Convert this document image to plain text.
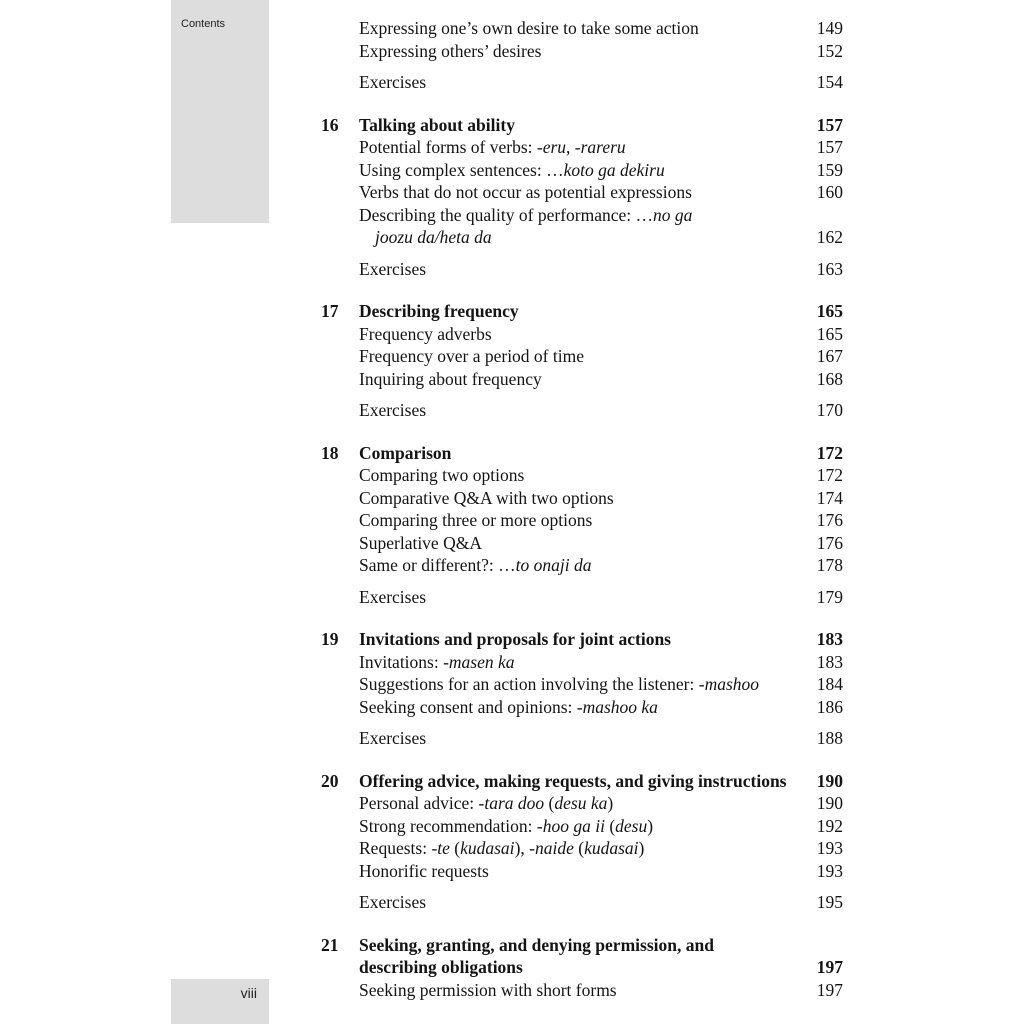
Contents
viii
Expressing one’s own desire to take some action	149
Expressing others’ desires	152
Exercises	154
16 Talking about ability	157
Potential forms of verbs: -eru, -rareru	157
Using complex sentences: …koto ga dekiru	159
Verbs that do not occur as potential expressions	160
Describing the quality of performance: …no ga
joozu da/heta da	162
Exercises	163
17 Describing frequency	165
Frequency adverbs	165
Frequency over a period of time	167
Inquiring about frequency	168
Exercises	170
18 Comparison	172
Comparing two options	172
Comparative Q&A with two options	174
Comparing three or more options	176
Superlative Q&A	176
Same or different?: …to onaji da	178
Exercises	179
19 Invitations and proposals for joint actions	183
Invitations: -masen ka	183
Suggestions for an action involving the listener: -mashoo	184
Seeking consent and opinions: -mashoo ka	186
Exercises	188
20 Offering advice, making requests, and giving instructions 190
Personal advice: -tara doo (desu ka)	190
Strong recommendation: -hoo ga ii (desu)	192
Requests: -te (kudasai), -naide (kudasai)	193
Honorific requests	193
Exercises	195
21 Seeking, granting, and denying permission, and
describing obligations	197
Seeking permission with short forms	197
